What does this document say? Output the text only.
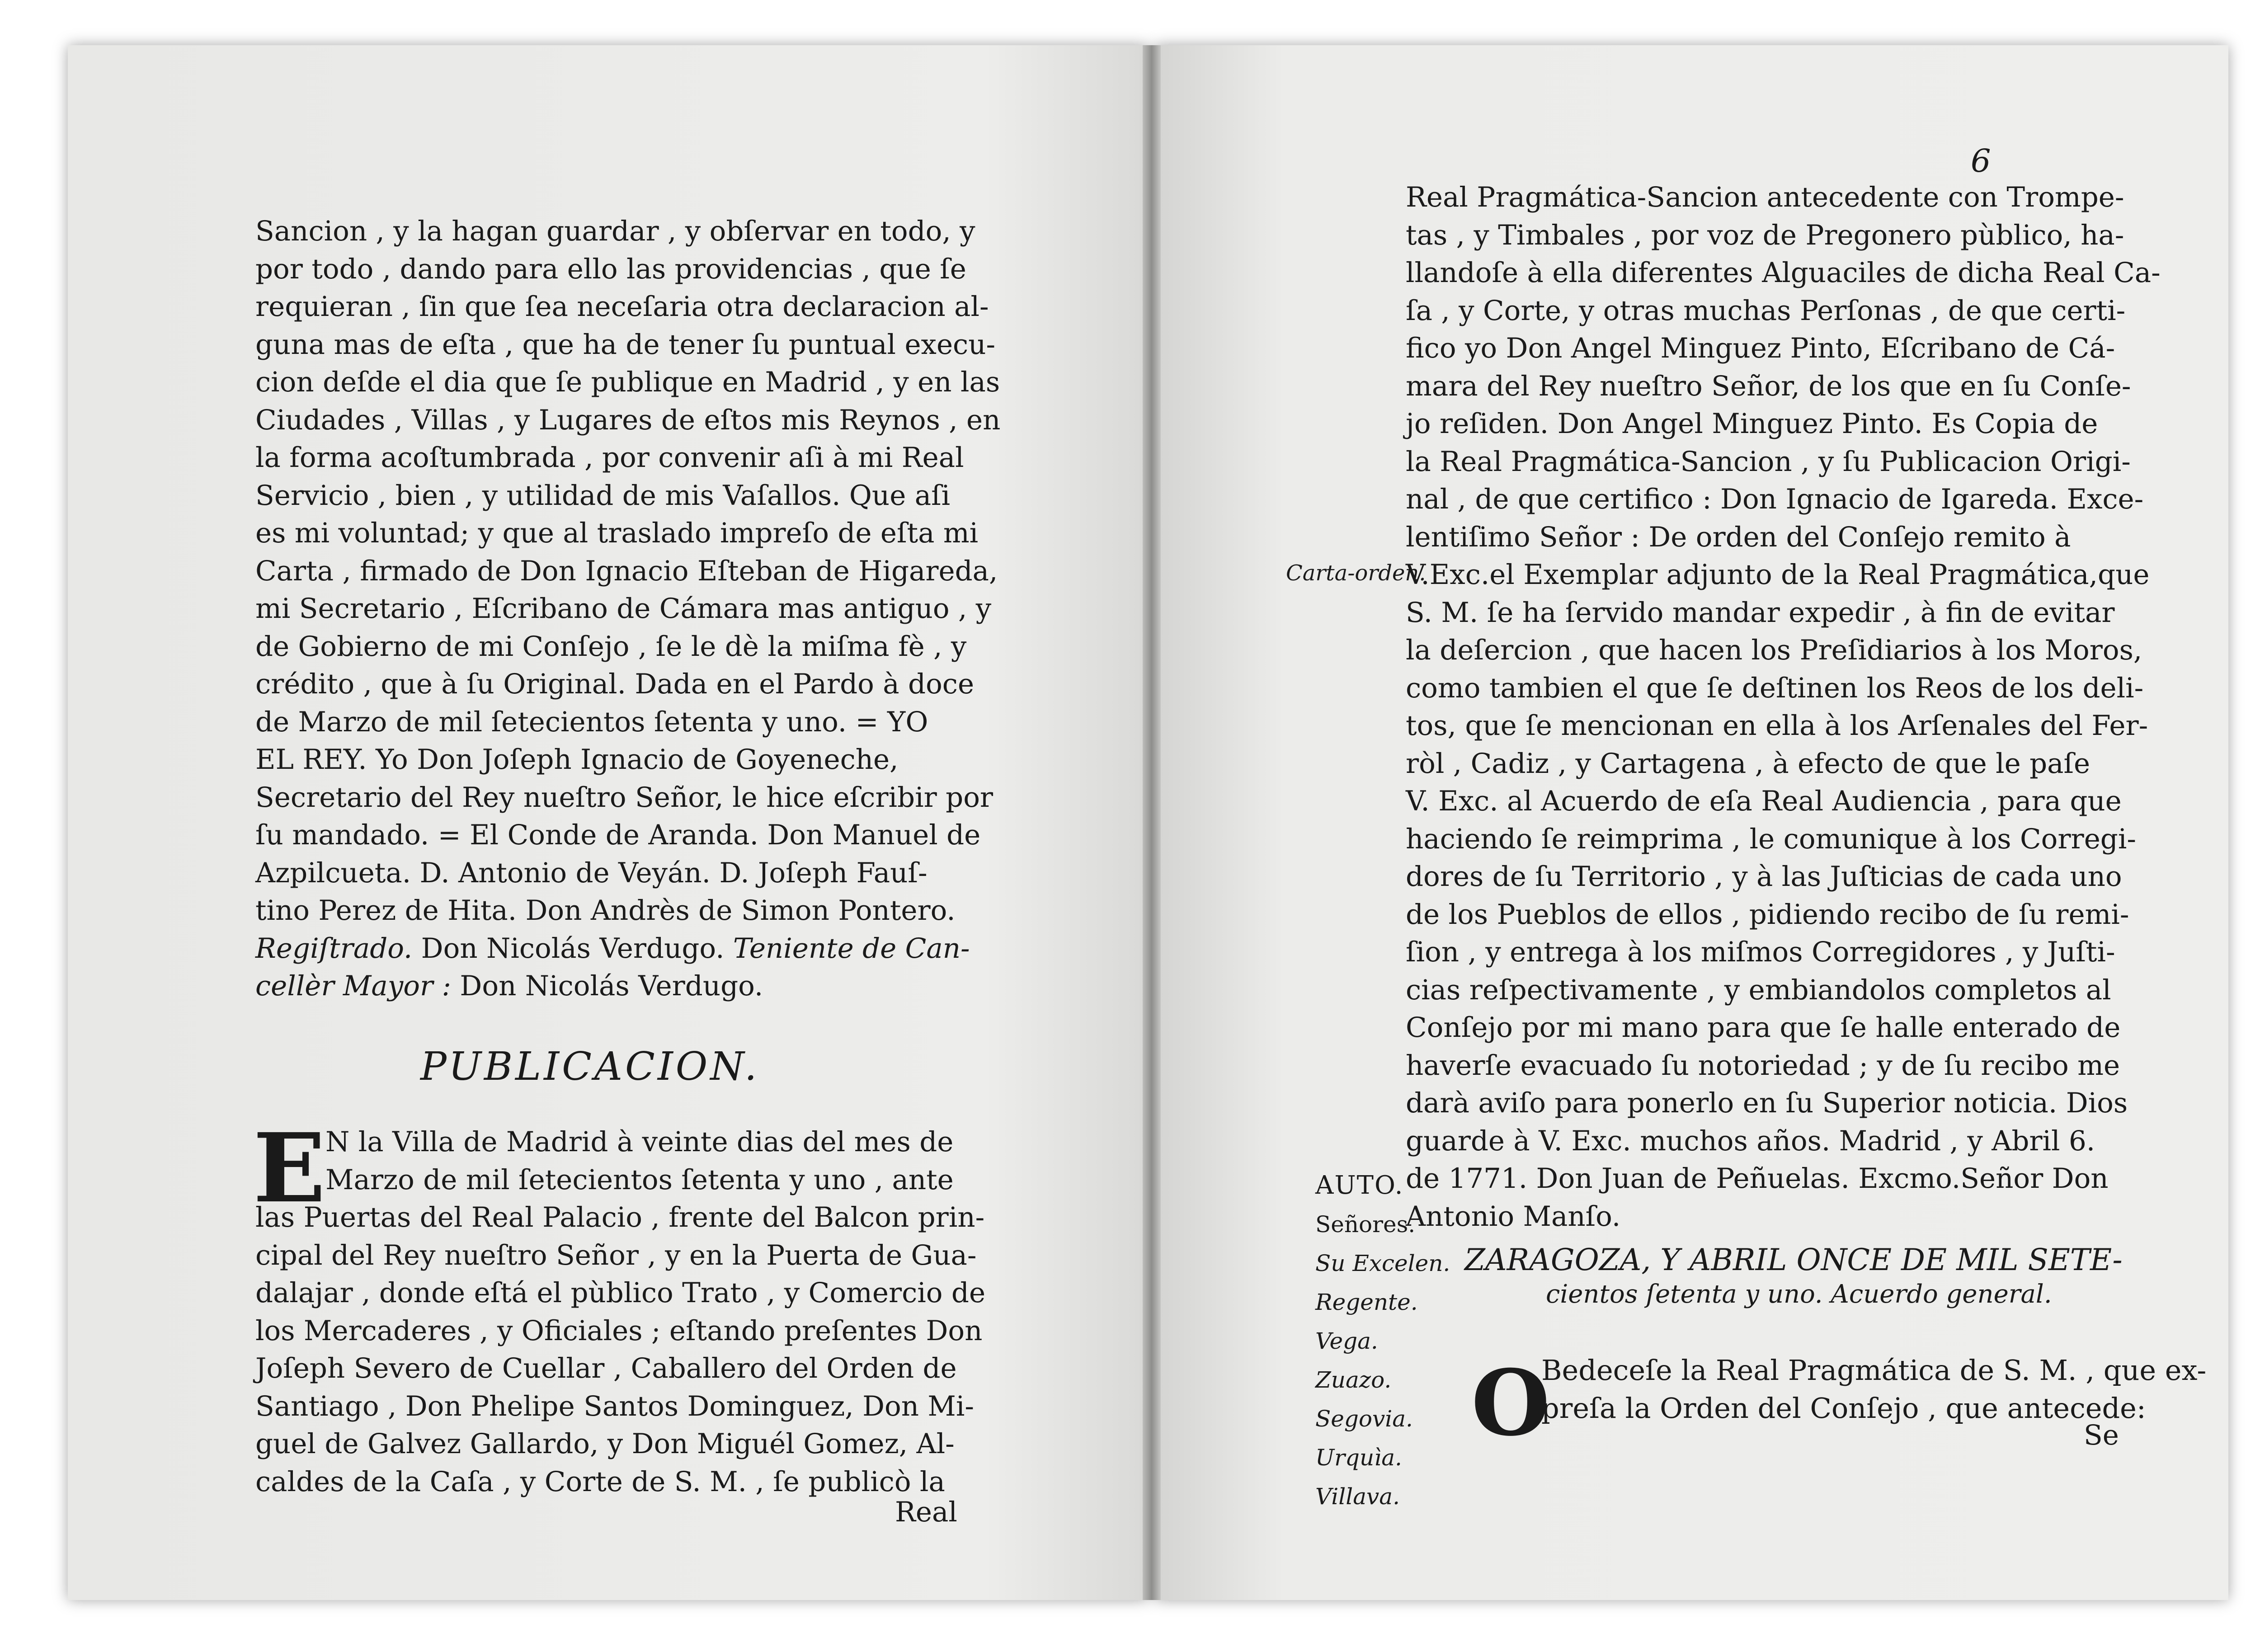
Sancion , y la hagan guardar , y obſervar en todo, y
por todo , dando para ello las providencias , que ſe
requieran , ſin que ſea neceſaria otra declaracion al-
guna mas de eſta , que ha de tener ſu puntual execu-
cion deſde el dia que ſe publique en Madrid , y en las
Ciudades , Villas , y Lugares de eſtos mis Reynos , en
la forma acoſtumbrada , por convenir aſi à mi Real
Servicio , bien , y utilidad de mis Vaſallos. Que aſi
es mi voluntad; y que al traslado impreſo de eſta mi
Carta , firmado de Don Ignacio Eſteban de Higareda,
mi Secretario , Eſcribano de Cámara mas antiguo , y
de Gobierno de mi Conſejo , ſe le dè la miſma fè , y
crédito , que à ſu Original. Dada en el Pardo à doce
de Marzo de mil ſetecientos ſetenta y uno. = YO
EL REY. Yo Don Joſeph Ignacio de Goyeneche,
Secretario del Rey nueſtro Señor, le hice eſcribir por
ſu mandado. = El Conde de Aranda. Don Manuel de
Azpilcueta. D. Antonio de Veyán. D. Joſeph Fauſ-
tino Perez de Hita. Don Andrès de Simon Pontero.
Regiſtrado. Don Nicolás Verdugo. Teniente de Can-
cellèr Mayor : Don Nicolás Verdugo.
PUBLICACION.
E N la Villa de Madrid à veinte dias del mes de
Marzo de mil ſetecientos ſetenta y uno , ante
las Puertas del Real Palacio , frente del Balcon prin-
cipal del Rey nueſtro Señor , y en la Puerta de Gua-
dalajar , donde eſtá el pùblico Trato , y Comercio de
los Mercaderes , y Oficiales ; eſtando preſentes Don
Joſeph Severo de Cuellar , Caballero del Orden de
Santiago , Don Phelipe Santos Dominguez, Don Mi-
guel de Galvez Gallardo, y Don Miguél Gomez, Al-
caldes de la Caſa , y Corte de S. M. , ſe publicò la
Real
6
Real Pragmática-Sancion antecedente con Trompe-
tas , y Timbales , por voz de Pregonero pùblico, ha-
llandoſe à ella diferentes Alguaciles de dicha Real Ca-
ſa , y Corte, y otras muchas Perſonas , de que certi-
fico yo Don Angel Minguez Pinto, Eſcribano de Cá-
mara del Rey nueſtro Señor, de los que en ſu Conſe-
jo reſiden. Don Angel Minguez Pinto. Es Copia de
la Real Pragmática-Sancion , y ſu Publicacion Origi-
nal , de que certifico : Don Ignacio de Igareda. Exce-
lentiſimo Señor : De orden del Conſejo remito à
V.Exc.el Exemplar adjunto de la Real Pragmática,que
S. M. ſe ha ſervido mandar expedir , à fin de evitar
la deſercion , que hacen los Preſidiarios à los Moros,
como tambien el que ſe deſtinen los Reos de los deli-
tos, que ſe mencionan en ella à los Arſenales del Fer-
ròl , Cadiz , y Cartagena , à efecto de que le paſe
V. Exc. al Acuerdo de eſa Real Audiencia , para que
haciendo ſe reimprima , le comunique à los Corregi-
dores de ſu Territorio , y à las Juſticias de cada uno
de los Pueblos de ellos , pidiendo recibo de ſu remi-
ſion , y entrega à los miſmos Corregidores , y Juſti-
cias reſpectivamente , y embiandolos completos al
Conſejo por mi mano para que ſe halle enterado de
haverſe evacuado ſu notoriedad ; y de ſu recibo me
darà aviſo para ponerlo en ſu Superior noticia. Dios
guarde à V. Exc. muchos años. Madrid , y Abril 6.
de 1771. Don Juan de Peñuelas. Excmo.Señor Don
Antonio Manſo.
Carta-orden.
AUTO.
Señores.
Su Excelen.
Regente.
Vega.
Zuazo.
Segovia.
Urquìa.
Villava.
ZARAGOZA, Y ABRIL ONCE DE MIL SETE-
cientos ſetenta y uno. Acuerdo general.
O
Bedeceſe la Real Pragmática de S. M. , que ex-
preſa la Orden del Conſejo , que antecede:
Se
